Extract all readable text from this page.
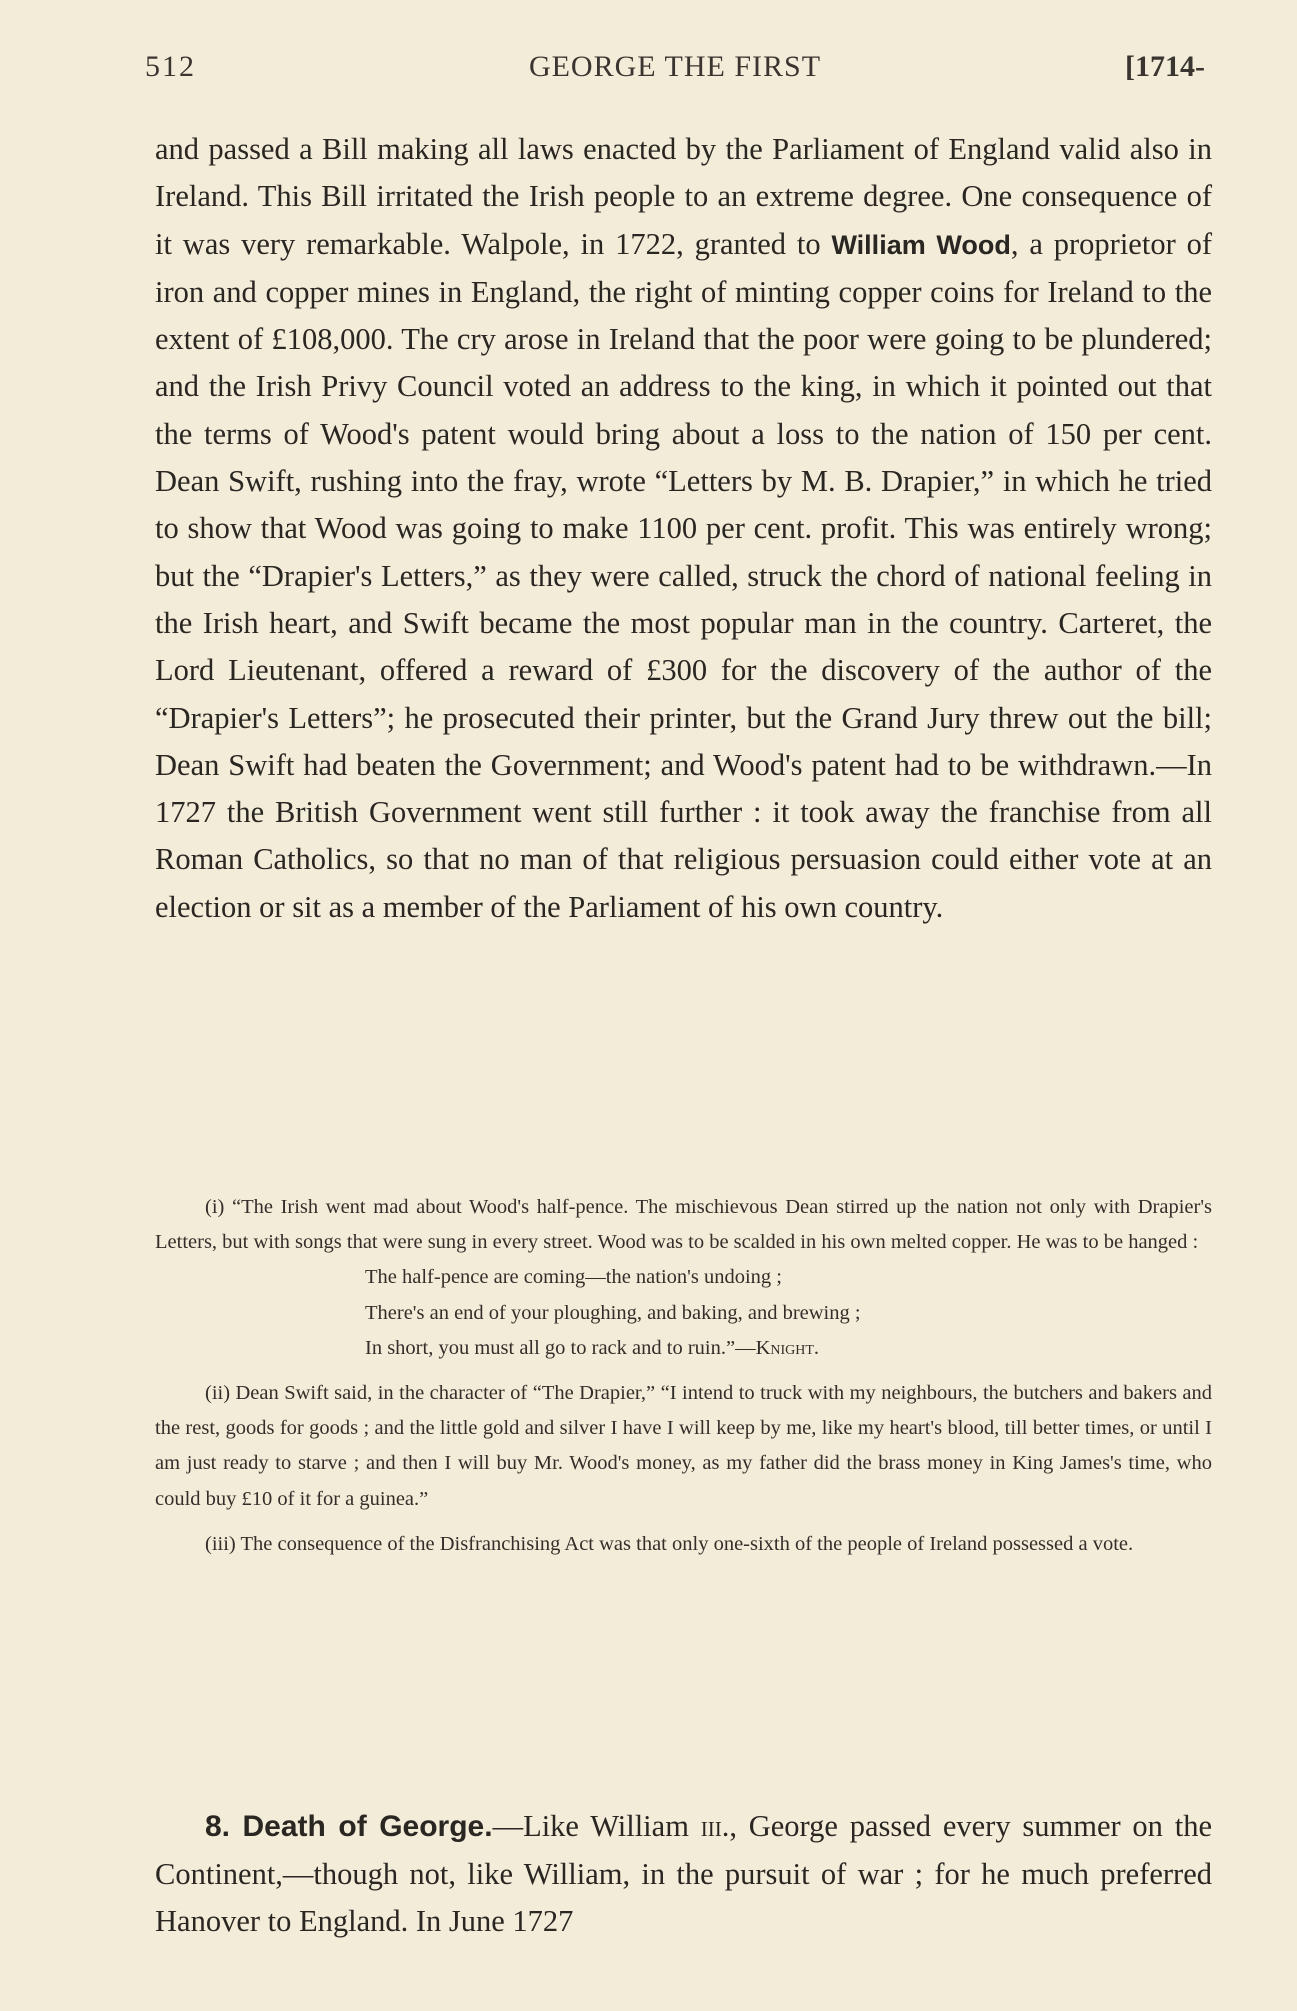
512	GEORGE THE FIRST	[1714-

and passed a Bill making all laws enacted by the Parliament of England valid also in Ireland. This Bill irritated the Irish people to an extreme degree. One consequence of it was very remarkable. Walpole, in 1722, granted to William Wood, a proprietor of iron and copper mines in England, the right of minting copper coins for Ireland to the extent of £108,000. The cry arose in Ireland that the poor were going to be plundered; and the Irish Privy Council voted an address to the king, in which it pointed out that the terms of Wood's patent would bring about a loss to the nation of 150 per cent. Dean Swift, rushing into the fray, wrote “Letters by M. B. Drapier,” in which he tried to show that Wood was going to make 1100 per cent. profit. This was entirely wrong; but the “Drapier's Letters,” as they were called, struck the chord of national feeling in the Irish heart, and Swift became the most popular man in the country. Carteret, the Lord Lieutenant, offered a reward of £300 for the discovery of the author of the “Drapier's Letters”; he prosecuted their printer, but the Grand Jury threw out the bill; Dean Swift had beaten the Government; and Wood's patent had to be withdrawn.—In 1727 the British Government went still further : it took away the franchise from all Roman Catholics, so that no man of that religious persuasion could either vote at an election or sit as a member of the Parliament of his own country.

(i) “The Irish went mad about Wood's half-pence. The mischievous Dean stirred up the nation not only with Drapier's Letters, but with songs that were sung in every street. Wood was to be scalded in his own melted copper. He was to be hanged :

The half-pence are coming—the nation's undoing ;

There's an end of your ploughing, and baking, and brewing ;

In short, you must all go to rack and to ruin.”—Knight.

(ii) Dean Swift said, in the character of “The Drapier,” “I intend to truck with my neighbours, the butchers and bakers and the rest, goods for goods ; and the little gold and silver I have I will keep by me, like my heart's blood, till better times, or until I am just ready to starve ; and then I will buy Mr. Wood's money, as my father did the brass money in King James's time, who could buy £10 of it for a guinea.”

(iii) The consequence of the Disfranchising Act was that only one-sixth of the people of Ireland possessed a vote.

8. Death of George.—Like William iii., George passed every summer on the Continent,—though not, like William, in the pursuit of war ; for he much preferred Hanover to England. In June 1727
